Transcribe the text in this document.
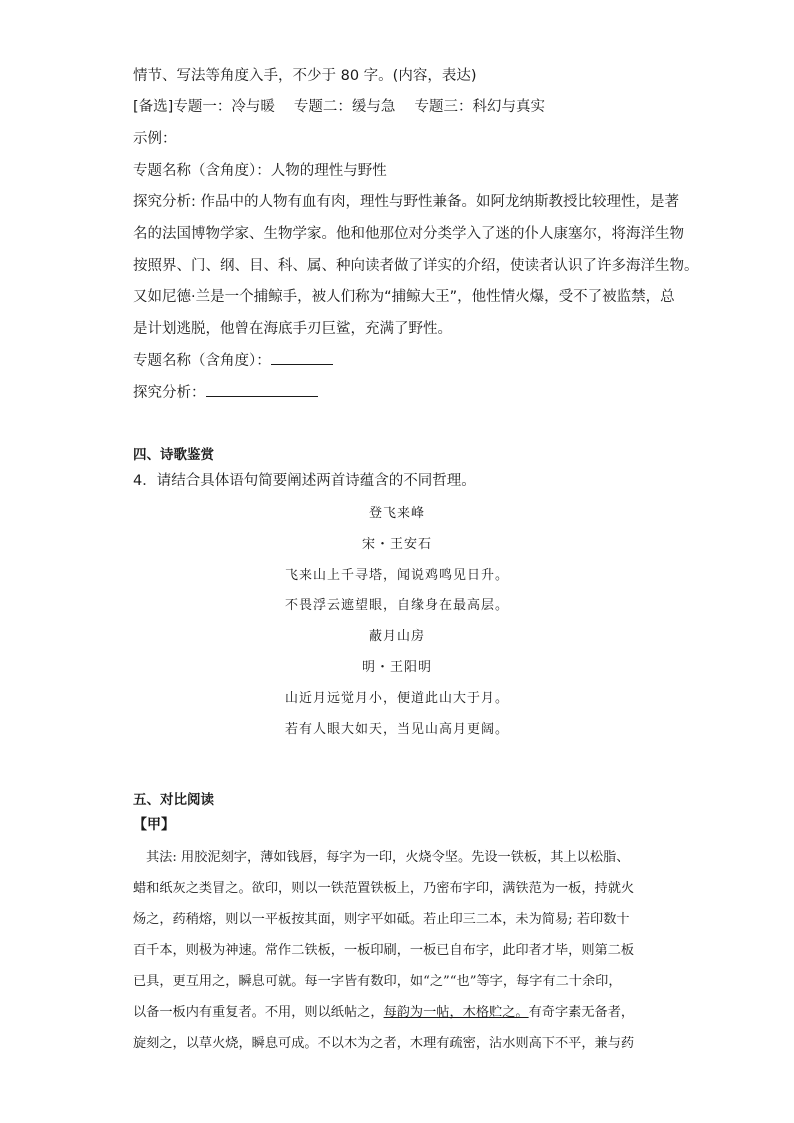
情节、写法等角度入手，不少于 80 字。(内容，表达)
[备选]专题一：冷与暖　 专题二：缓与急　 专题三：科幻与真实
示例：
专题名称（含角度）：人物的理性与野性
探究分析: 作品中的人物有血有肉，理性与野性兼备。如阿龙纳斯教授比较理性，是著
名的法国博物学家、生物学家。他和他那位对分类学入了迷的仆人康塞尔，将海洋生物
按照界、门、纲、目、科、属、种向读者做了详实的介绍，使读者认识了许多海洋生物。
又如尼德·兰是一个捕鲸手，被人们称为“捕鲸大王”，他性情火爆，受不了被监禁，总
是计划逃脱，他曾在海底手刃巨鲨，充满了野性。
专题名称（含角度）：
探究分析：
四、诗歌鉴赏
4．请结合具体语句简要阐述两首诗蕴含的不同哲理。
登飞来峰
宋・王安石
飞来山上千寻塔，闻说鸡鸣见日升。
不畏浮云遮望眼，自缘身在最高层。
蔽月山房
明・王阳明
山近月远觉月小，便道此山大于月。
若有人眼大如天，当见山高月更阔。
五、对比阅读
【甲】
其法: 用胶泥刻字，薄如钱唇，每字为一印，火烧令坚。先设一铁板，其上以松脂、
蜡和纸灰之类冒之。欲印，则以一铁范置铁板上，乃密布字印，满铁范为一板，持就火
炀之，药稍熔，则以一平板按其面，则字平如砥。若止印三二本，未为简易; 若印数十
百千本，则极为神速。常作二铁板，一板印刷，一板已自布字，此印者才毕，则第二板
已具，更互用之，瞬息可就。每一字皆有数印，如“之”“也”等字，每字有二十余印，
以备一板内有重复者。不用，则以纸帖之，每韵为一帖，木格贮之。有奇字素无备者，
旋刻之，以草火烧，瞬息可成。不以木为之者，木理有疏密，沾水则高下不平，兼与药
